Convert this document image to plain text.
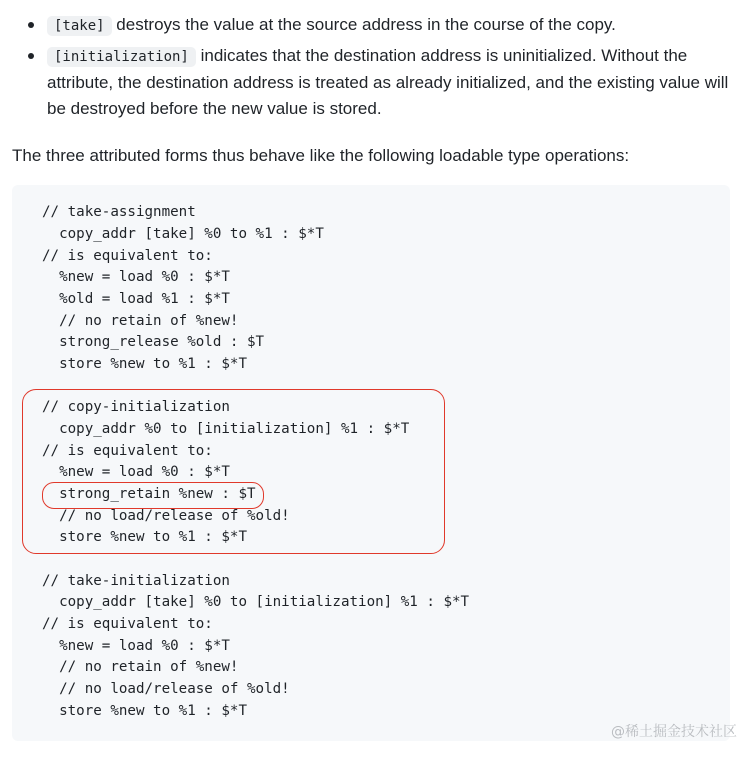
[take] destroys the value at the source address in the course of the copy.
[initialization] indicates that the destination address is uninitialized. Without the attribute, the destination address is treated as already initialized, and the existing value will be destroyed before the new value is stored.

The three attributed forms thus behave like the following loadable type operations:

// take-assignment
copy_addr [take] %0 to %1 : $*T
// is equivalent to:
%new = load %0 : $*T
%old = load %1 : $*T
// no retain of %new!
strong_release %old : $T
store %new to %1 : $*T
// copy-initialization
copy_addr %0 to [initialization] %1 : $*T
// is equivalent to:
%new = load %0 : $*T
strong_retain %new : $T
// no load/release of %old!
store %new to %1 : $*T
// take-initialization
copy_addr [take] %0 to [initialization] %1 : $*T
// is equivalent to:
%new = load %0 : $*T
// no retain of %new!
// no load/release of %old!
store %new to %1 : $*T
@稀土掘金技术社区
